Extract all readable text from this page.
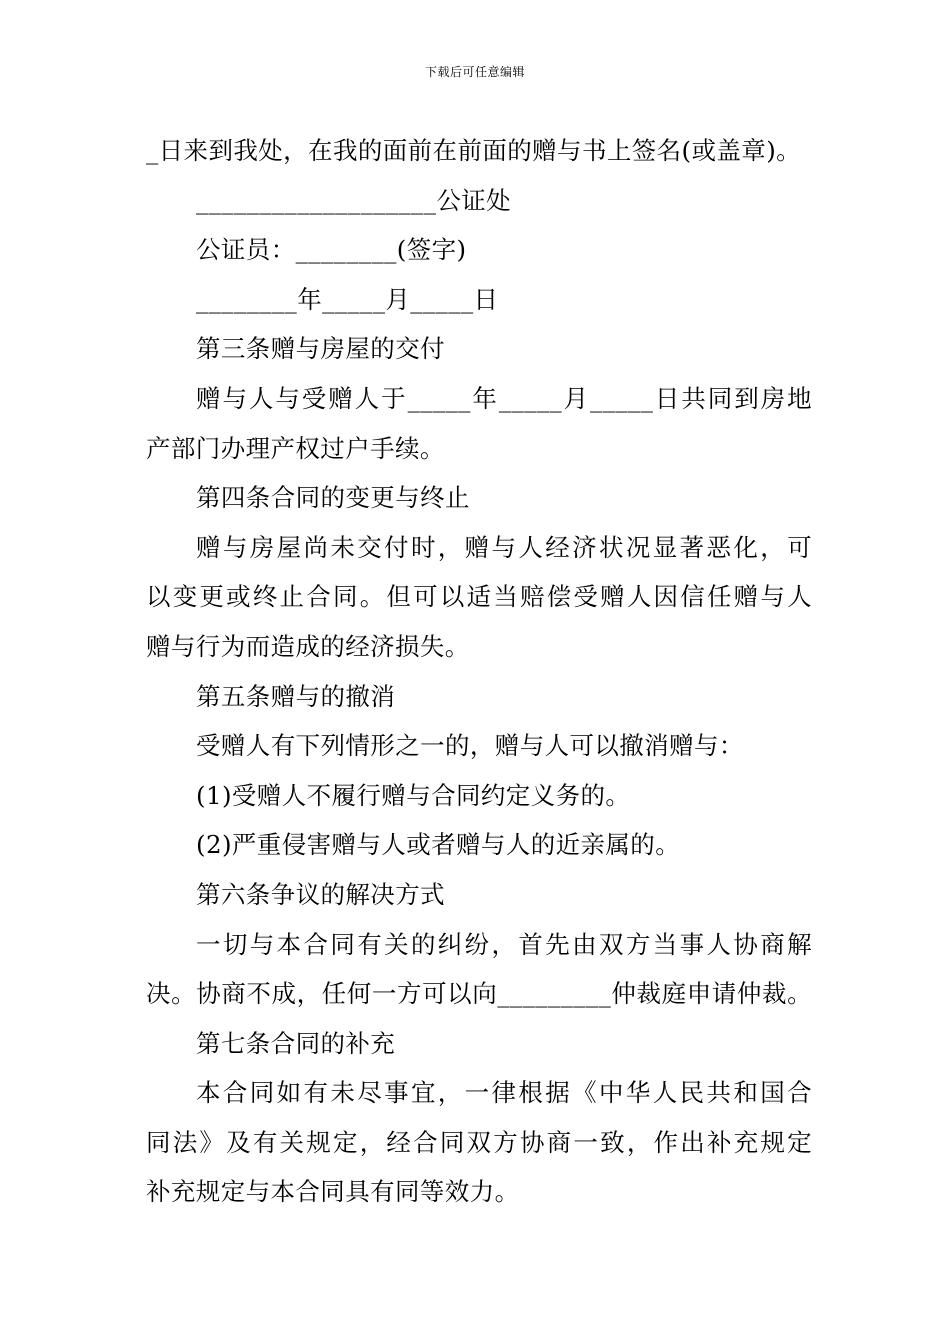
下载后可任意编辑
_日来到我处，在我的面前在前面的赠与书上签名(或盖章)。
___________________公证处
公证员：________(签字)
________年_____月_____日
第三条赠与房屋的交付
赠与人与受赠人于_____年_____月_____日共同到房地
产部门办理产权过户手续。
第四条合同的变更与终止
赠与房屋尚未交付时，赠与人经济状况显著恶化，可
以变更或终止合同。但可以适当赔偿受赠人因信任赠与人
赠与行为而造成的经济损失。
第五条赠与的撤消
受赠人有下列情形之一的，赠与人可以撤消赠与：
(1)受赠人不履行赠与合同约定义务的。
(2)严重侵害赠与人或者赠与人的近亲属的。
第六条争议的解决方式
一切与本合同有关的纠纷，首先由双方当事人协商解
决。协商不成，任何一方可以向_________仲裁庭申请仲裁。
第七条合同的补充
本合同如有未尽事宜，一律根据《中华人民共和国合
同法》及有关规定，经合同双方协商一致，作出补充规定
补充规定与本合同具有同等效力。
